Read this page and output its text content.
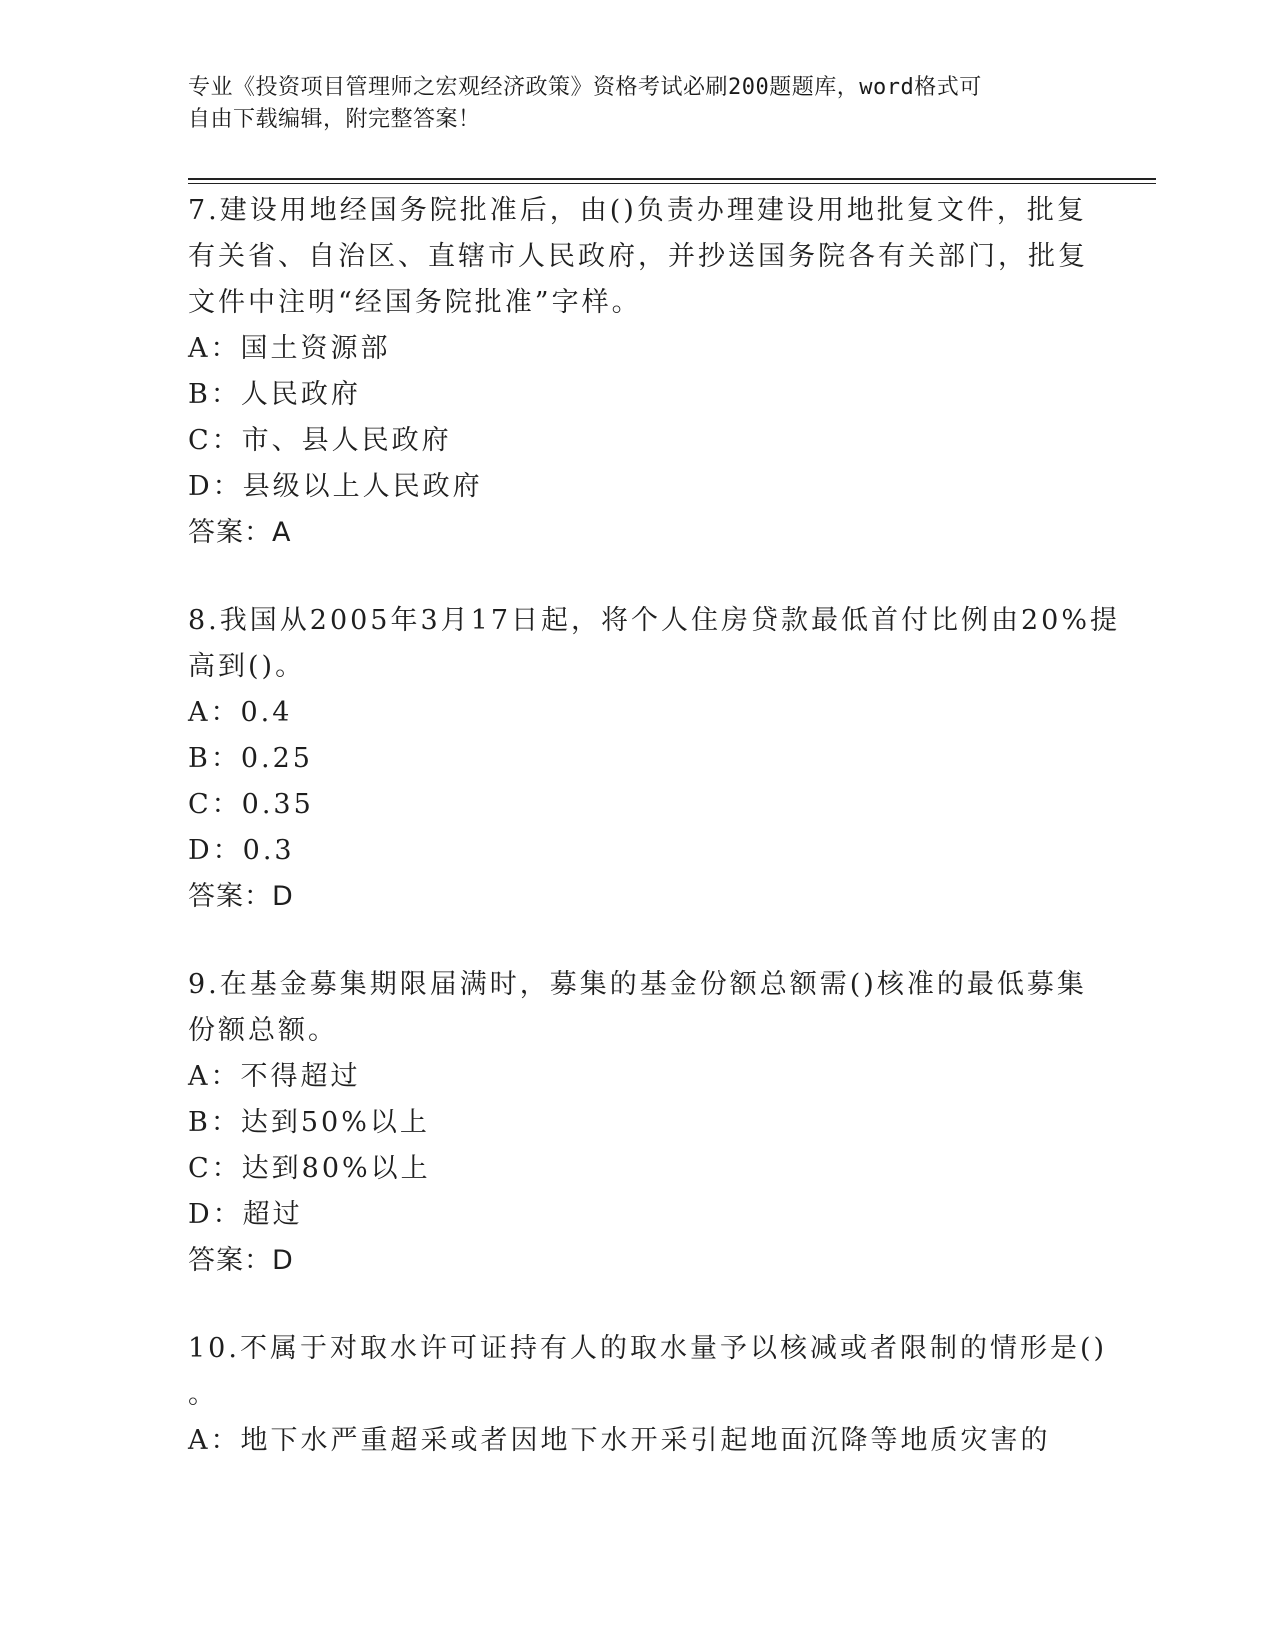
专业《投资项目管理师之宏观经济政策》资格考试必刷200题题库，word格式可
自由下载编辑，附完整答案！
7.建设用地经国务院批准后，由()负责办理建设用地批复文件，批复
有关省、自治区、直辖市人民政府，并抄送国务院各有关部门，批复
文件中注明“经国务院批准”字样。
A：国土资源部
B：人民政府
C：市、县人民政府
D：县级以上人民政府
答案：A
8.我国从2005年3月17日起，将个人住房贷款最低首付比例由20%提
高到()。
A：0.4
B：0.25
C：0.35
D：0.3
答案：D
9.在基金募集期限届满时，募集的基金份额总额需()核准的最低募集
份额总额。
A：不得超过
B：达到50%以上
C：达到80%以上
D：超过
答案：D
10.不属于对取水许可证持有人的取水量予以核减或者限制的情形是()
。
A：地下水严重超采或者因地下水开采引起地面沉降等地质灾害的
